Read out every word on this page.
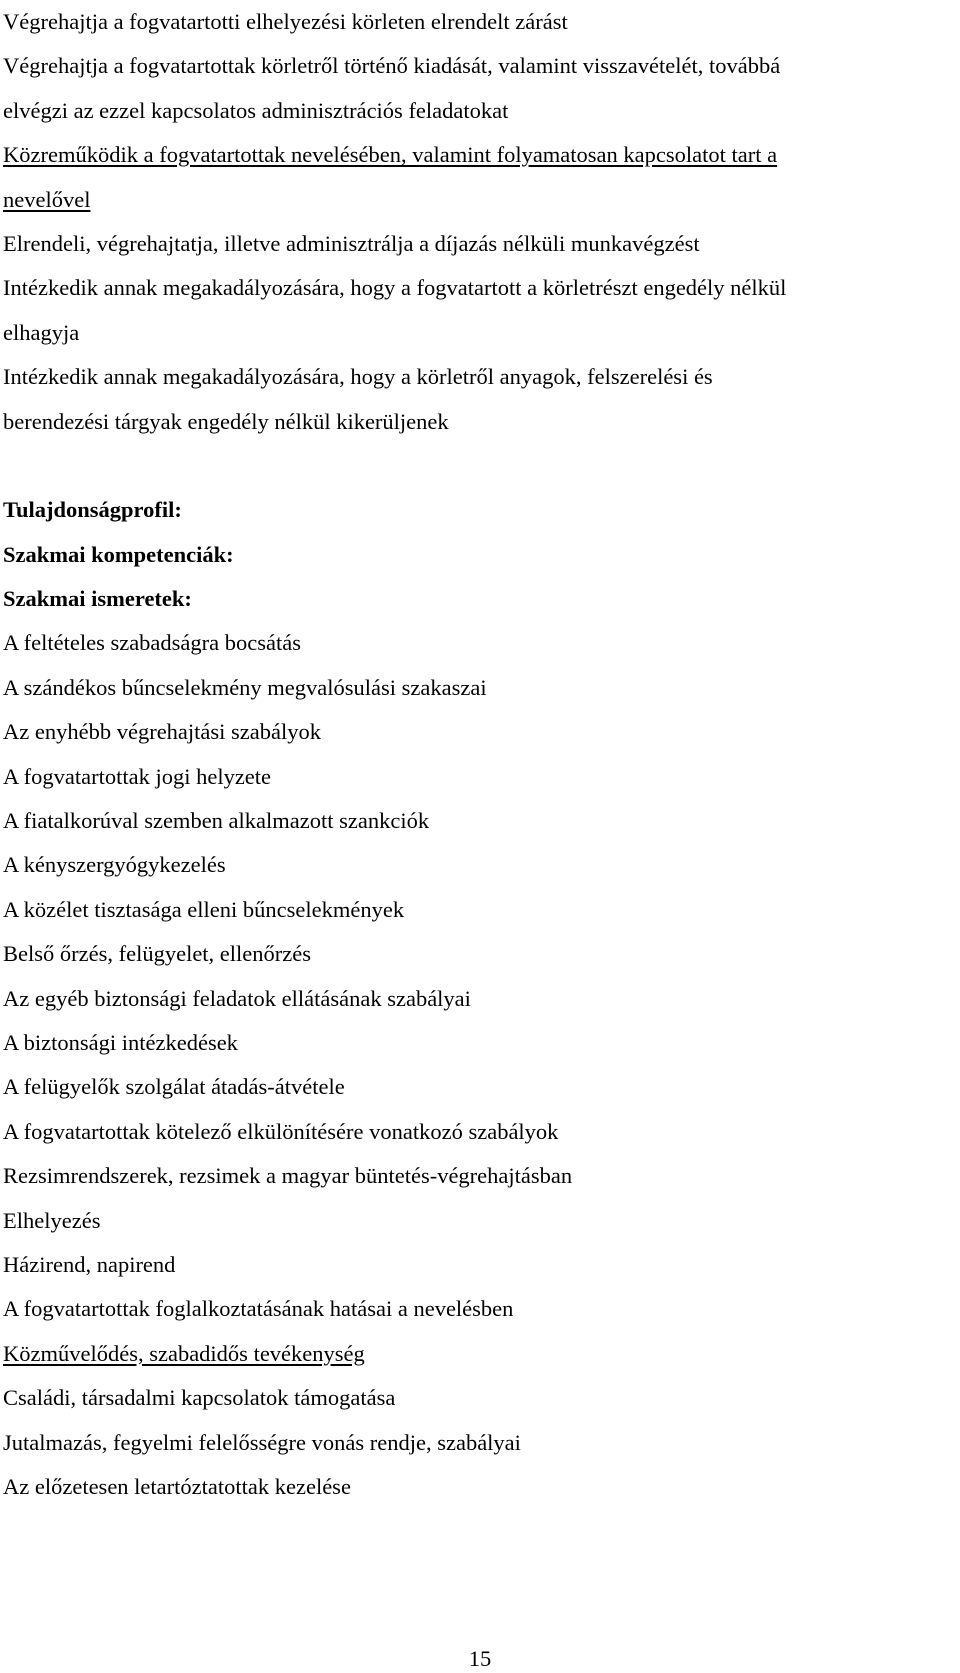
Végrehajtja a fogvatartotti elhelyezési körleten elrendelt zárást
Végrehajtja a fogvatartottak körletről történő kiadását, valamint visszavételét, továbbá
elvégzi az ezzel kapcsolatos adminisztrációs feladatokat
Közreműködik a fogvatartottak nevelésében, valamint folyamatosan kapcsolatot tart a
nevelővel
Elrendeli, végrehajtatja, illetve adminisztrálja a díjazás nélküli munkavégzést
Intézkedik annak megakadályozására, hogy a fogvatartott a körletrészt engedély nélkül
elhagyja
Intézkedik annak megakadályozására, hogy a körletről anyagok, felszerelési és
berendezési tárgyak engedély nélkül kikerüljenek
Tulajdonságprofil:
Szakmai kompetenciák:
Szakmai ismeretek:
A feltételes szabadságra bocsátás
A szándékos bűncselekmény megvalósulási szakaszai
Az enyhébb végrehajtási szabályok
A fogvatartottak jogi helyzete
A fiatalkorúval szemben alkalmazott szankciók
A kényszergyógykezelés
A közélet tisztasága elleni bűncselekmények
Belső őrzés, felügyelet, ellenőrzés
Az egyéb biztonsági feladatok ellátásának szabályai
A biztonsági intézkedések
A felügyelők szolgálat átadás-átvétele
A fogvatartottak kötelező elkülönítésére vonatkozó szabályok
Rezsimrendszerek, rezsimek a magyar büntetés-végrehajtásban
Elhelyezés
Házirend, napirend
A fogvatartottak foglalkoztatásának hatásai a nevelésben
Közművelődés, szabadidős tevékenység
Családi, társadalmi kapcsolatok támogatása
Jutalmazás, fegyelmi felelősségre vonás rendje, szabályai
Az előzetesen letartóztatottak kezelése
15
